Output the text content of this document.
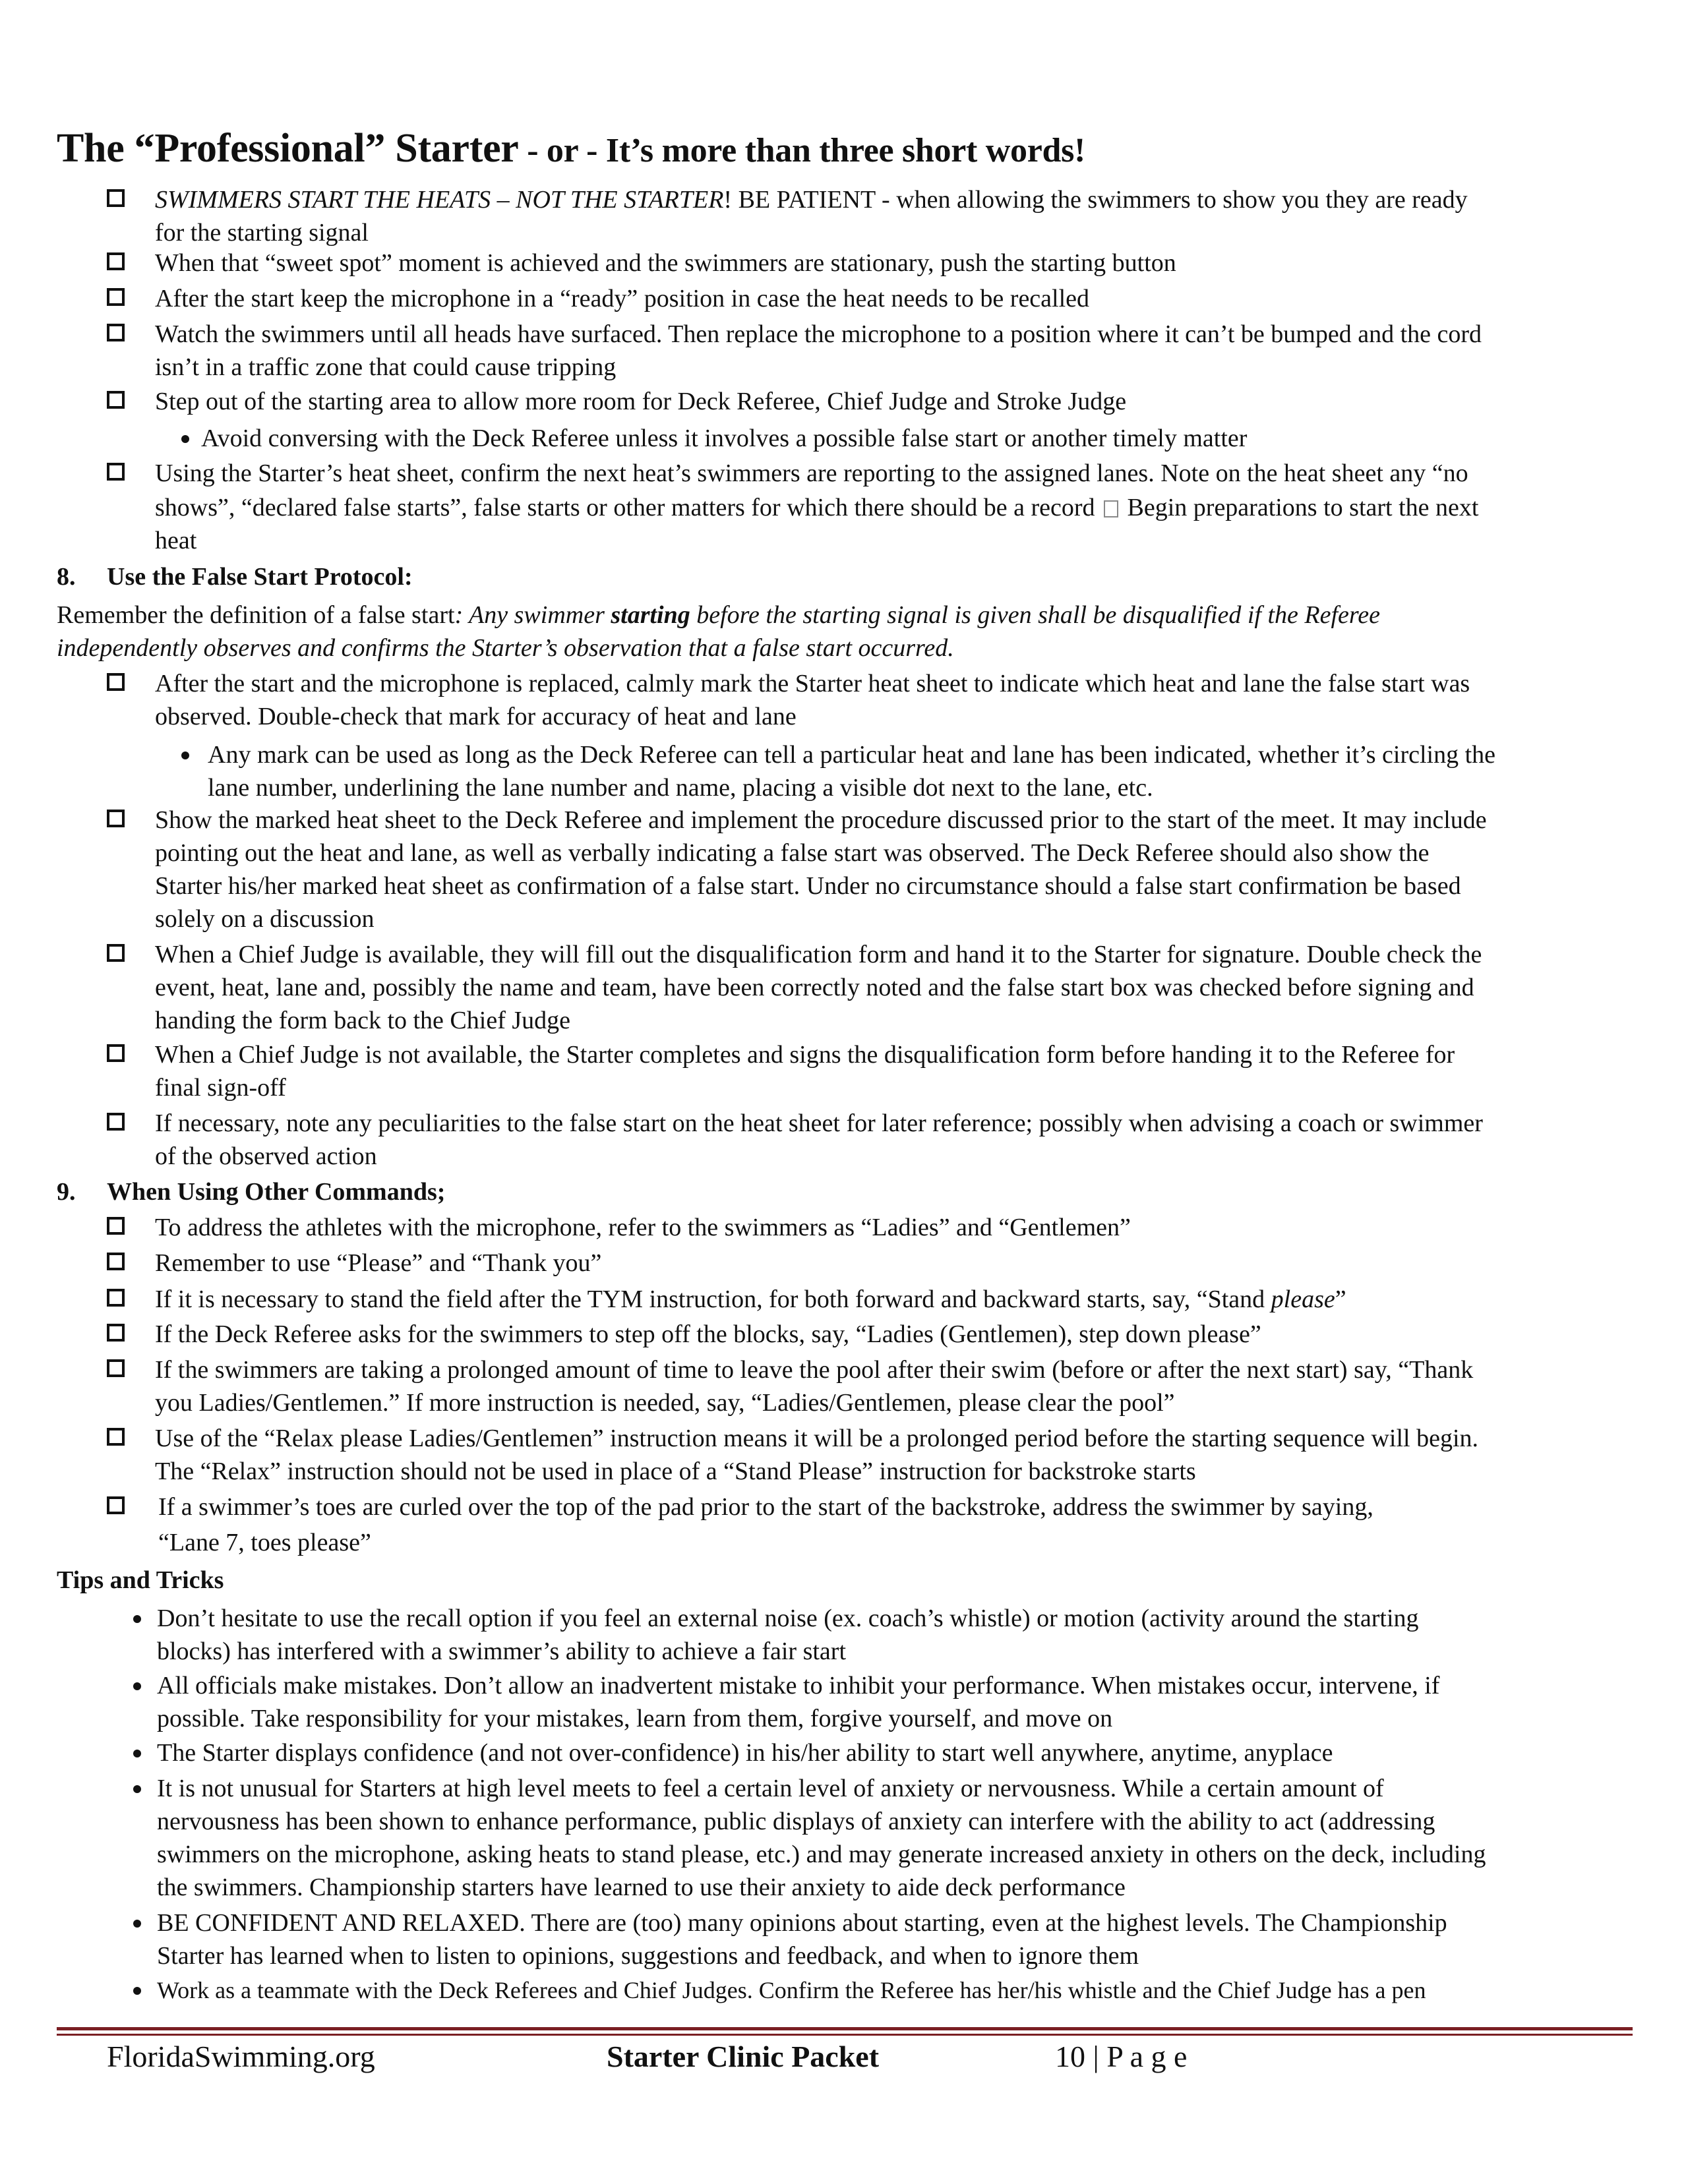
The “Professional” Starter - or - It’s more than three short words!
SWIMMERS START THE HEATS – NOT THE STARTER! BE PATIENT - when allowing the swimmers to show you they are ready
for the starting signal
When that “sweet spot” moment is achieved and the swimmers are stationary, push the starting button
After the start keep the microphone in a “ready” position in case the heat needs to be recalled
Watch the swimmers until all heads have surfaced. Then replace the microphone to a position where it can’t be bumped and the cord
isn’t in a traffic zone that could cause tripping
Step out of the starting area to allow more room for Deck Referee, Chief Judge and Stroke Judge
Avoid conversing with the Deck Referee unless it involves a possible false start or another timely matter
Using the Starter’s heat sheet, confirm the next heat’s swimmers are reporting to the assigned lanes. Note on the heat sheet any “no
shows”, “declared false starts”, false starts or other matters for which there should be a record Begin preparations to start the next
heat
8. Use the False Start Protocol:
Remember the definition of a false start: Any swimmer starting before the starting signal is given shall be disqualified if the Referee
independently observes and confirms the Starter’s observation that a false start occurred.
After the start and the microphone is replaced, calmly mark the Starter heat sheet to indicate which heat and lane the false start was
observed. Double-check that mark for accuracy of heat and lane
Any mark can be used as long as the Deck Referee can tell a particular heat and lane has been indicated, whether it’s circling the
lane number, underlining the lane number and name, placing a visible dot next to the lane, etc.
Show the marked heat sheet to the Deck Referee and implement the procedure discussed prior to the start of the meet. It may include
pointing out the heat and lane, as well as verbally indicating a false start was observed. The Deck Referee should also show the
Starter his/her marked heat sheet as confirmation of a false start. Under no circumstance should a false start confirmation be based
solely on a discussion
When a Chief Judge is available, they will fill out the disqualification form and hand it to the Starter for signature. Double check the
event, heat, lane and, possibly the name and team, have been correctly noted and the false start box was checked before signing and
handing the form back to the Chief Judge
When a Chief Judge is not available, the Starter completes and signs the disqualification form before handing it to the Referee for
final sign-off
If necessary, note any peculiarities to the false start on the heat sheet for later reference; possibly when advising a coach or swimmer
of the observed action
9. When Using Other Commands;
To address the athletes with the microphone, refer to the swimmers as “Ladies” and “Gentlemen”
Remember to use “Please” and “Thank you”
If it is necessary to stand the field after the TYM instruction, for both forward and backward starts, say, “Stand please”
If the Deck Referee asks for the swimmers to step off the blocks, say, “Ladies (Gentlemen), step down please”
If the swimmers are taking a prolonged amount of time to leave the pool after their swim (before or after the next start) say, “Thank
you Ladies/Gentlemen.” If more instruction is needed, say, “Ladies/Gentlemen, please clear the pool”
Use of the “Relax please Ladies/Gentlemen” instruction means it will be a prolonged period before the starting sequence will begin.
The “Relax” instruction should not be used in place of a “Stand Please” instruction for backstroke starts
If a swimmer’s toes are curled over the top of the pad prior to the start of the backstroke, address the swimmer by saying,
“Lane 7, toes please”
Tips and Tricks
Don’t hesitate to use the recall option if you feel an external noise (ex. coach’s whistle) or motion (activity around the starting
blocks) has interfered with a swimmer’s ability to achieve a fair start
All officials make mistakes. Don’t allow an inadvertent mistake to inhibit your performance. When mistakes occur, intervene, if
possible. Take responsibility for your mistakes, learn from them, forgive yourself, and move on
The Starter displays confidence (and not over-confidence) in his/her ability to start well anywhere, anytime, anyplace
It is not unusual for Starters at high level meets to feel a certain level of anxiety or nervousness. While a certain amount of
nervousness has been shown to enhance performance, public displays of anxiety can interfere with the ability to act (addressing
swimmers on the microphone, asking heats to stand please, etc.) and may generate increased anxiety in others on the deck, including
the swimmers. Championship starters have learned to use their anxiety to aide deck performance
BE CONFIDENT AND RELAXED. There are (too) many opinions about starting, even at the highest levels. The Championship
Starter has learned when to listen to opinions, suggestions and feedback, and when to ignore them
Work as a teammate with the Deck Referees and Chief Judges. Confirm the Referee has her/his whistle and the Chief Judge has a pen
FloridaSwimming.org	Starter Clinic Packet	10 | P a g e
